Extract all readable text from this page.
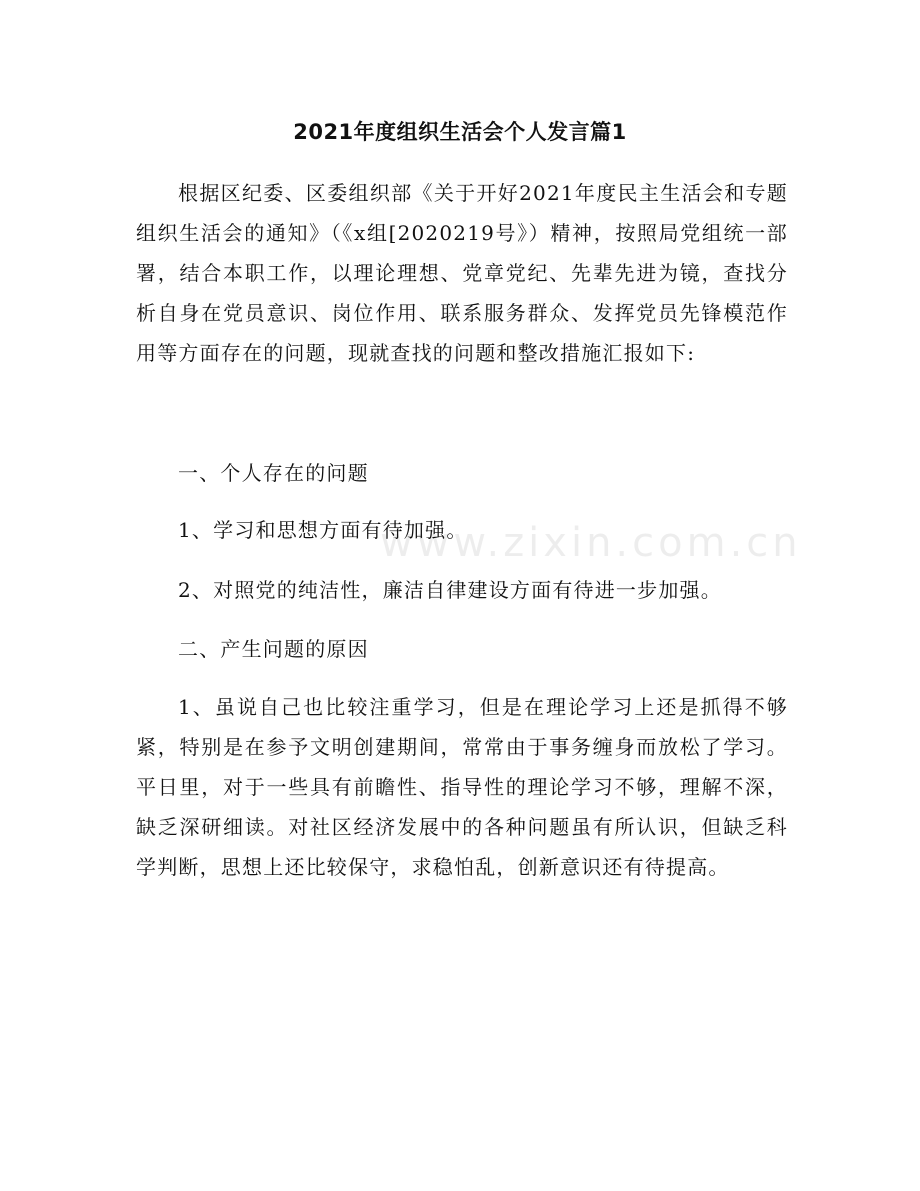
2021年度组织生活会个人发言篇1

根据区纪委、区委组织部《关于开好2021年度民主生活会和专题组织生活会的通知》（《x组[2020219号》）精神，按照局党组统一部署，结合本职工作，以理论理想、党章党纪、先辈先进为镜，查找分析自身在党员意识、岗位作用、联系服务群众、发挥党员先锋模范作用等方面存在的问题，现就查找的问题和整改措施汇报如下:

一、个人存在的问题

1、学习和思想方面有待加强。

2、对照党的纯洁性，廉洁自律建设方面有待进一步加强。

二、产生问题的原因

1、虽说自己也比较注重学习，但是在理论学习上还是抓得不够紧，特别是在参予文明创建期间，常常由于事务缠身而放松了学习。平日里，对于一些具有前瞻性、指导性的理论学习不够，理解不深，缺乏深研细读。对社区经济发展中的各种问题虽有所认识，但缺乏科学判断，思想上还比较保守，求稳怕乱，创新意识还有待提高。

www.zixin.com.cn
